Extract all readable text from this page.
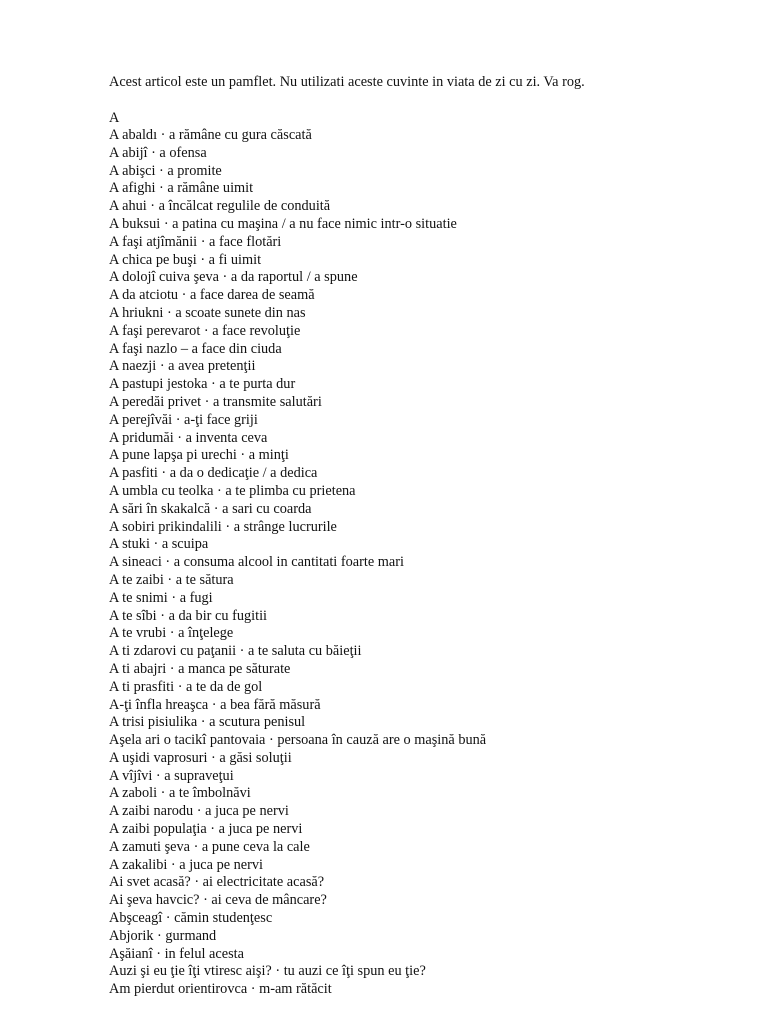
Acest articol este un pamflet. Nu utilizati aceste cuvinte in viata de zi cu zi. Va rog.

A

A abaldı · a rămâne cu gura căscată
A abijî · a ofensa
A abişci · a promite
A afighi · a rămâne uimit
A ahui · a încălcat regulile de conduită
A buksui · a patina cu maşina / a nu face nimic intr-o situatie
A faşi atjîmănii · a face flotări
A chica pe buşi · a fi uimit
A dolojî cuiva şeva · a da raportul / a spune
A da atciotu · a face darea de seamă
A hriukni · a scoate sunete din nas
A faşi perevarot · a face revoluţie
A faşi nazlo – a face din ciuda
A naezji · a avea pretenţii
A pastupi jestoka · a te purta dur
A peredăi privet · a transmite salutări
A perejîvăi · a-ţi face griji
A pridumăi · a inventa ceva
A pune lapşa pi urechi · a minţi
A pasfiti · a da o dedicaţie / a dedica
A umbla cu teolka · a te plimba cu prietena
A sări în skakalcă · a sari cu coarda
A sobiri prikindalili · a strânge lucrurile
A stuki · a scuipa
A sineaci · a consuma alcool in cantitati foarte mari
A te zaibi · a te sătura
A te snimi · a fugi
A te sîbi · a da bir cu fugitii
A te vrubi · a înţelege
A ti zdarovi cu paţanii · a te saluta cu băieţii
A ti abajri · a manca pe săturate
A ti prasfiti · a te da de gol
A-ţi înfla hreaşca · a bea fără măsură
A trisi pisiulika · a scutura penisul
Aşela ari o tacikî pantovaia · persoana în cauză are o maşină bună
A uşidi vaprosuri · a găsi soluţii
A vîjîvi · a supraveţui
A zaboli · a te îmbolnăvi
A zaibi narodu · a juca pe nervi
A zaibi populaţia · a juca pe nervi
A zamuti şeva · a pune ceva la cale
A zakalibi · a juca pe nervi
Ai svet acasă? · ai electricitate acasă?
Ai şeva havcic? · ai ceva de mâncare?
Abşceagî · cămin studenţesc
Abjorik · gurmand
Aşăianî · in felul acesta
Auzi şi eu ţie îţi vtiresc aişi? · tu auzi ce îţi spun eu ţie?
Am pierdut orientirovca · m-am rătăcit
